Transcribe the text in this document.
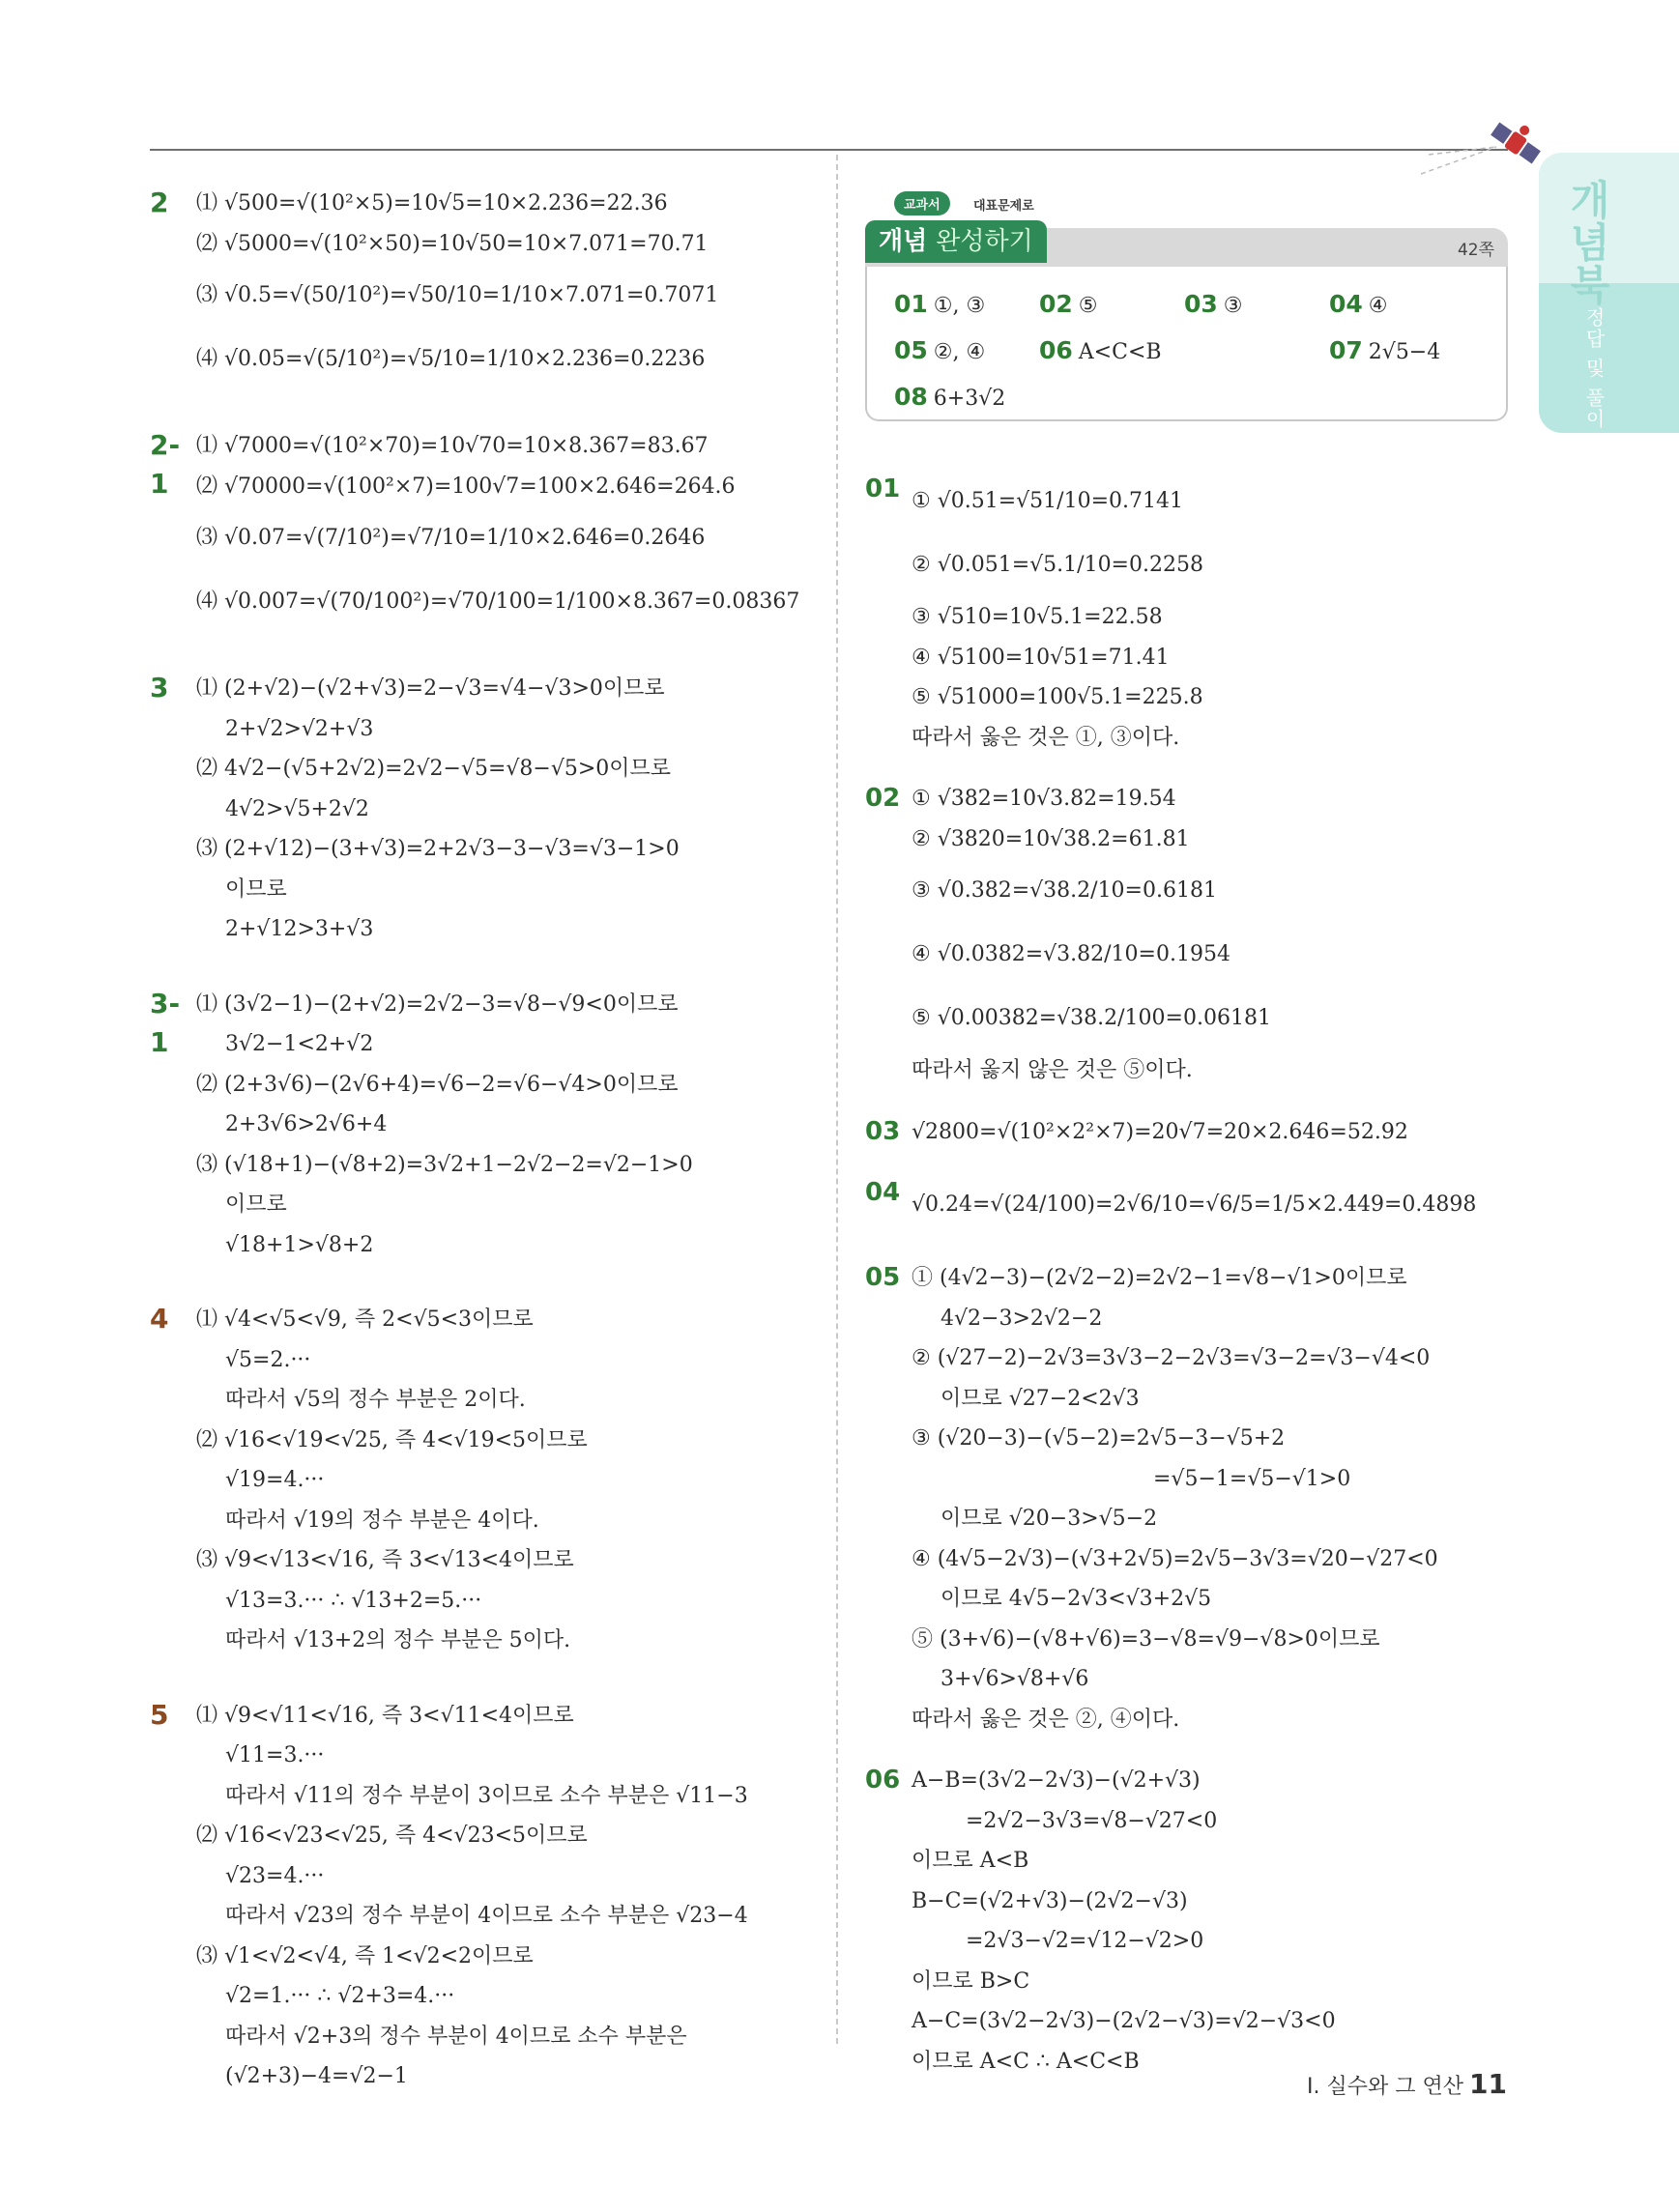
개념북
정답 및 풀이
2	⑴ √500=√(10²×5)=10√5=10×2.236=22.36
⑵ √5000=√(10²×50)=10√50=10×7.071=70.71
⑶ √0.5=√(50/10²)=√50/10=1/10×7.071=0.7071
⑷ √0.05=√(5/10²)=√5/10=1/10×2.236=0.2236
2-1
⑴ √7000=√(10²×70)=10√70=10×8.367=83.67
⑵ √70000=√(100²×7)=100√7=100×2.646=264.6
⑶ √0.07=√(7/10²)=√7/10=1/10×2.646=0.2646
⑷ √0.007=√(70/100²)=√70/100=1/100×8.367=0.08367
3	⑴ (2+√2)−(√2+√3)=2−√3=√4−√3>0이므로
2+√2>√2+√3
⑵ 4√2−(√5+2√2)=2√2−√5=√8−√5>0이므로
4√2>√5+2√2
⑶ (2+√12)−(3+√3)=2+2√3−3−√3=√3−1>0
이므로
2+√12>3+√3
3-1
⑴ (3√2−1)−(2+√2)=2√2−3=√8−√9<0이므로
3√2−1<2+√2
⑵ (2+3√6)−(2√6+4)=√6−2=√6−√4>0이므로
2+3√6>2√6+4
⑶ (√18+1)−(√8+2)=3√2+1−2√2−2=√2−1>0
이므로
√18+1>√8+2
4	⑴ √4<√5<√9, 즉 2<√5<3이므로
√5=2.···
따라서 √5의 정수 부분은 2이다.
⑵ √16<√19<√25, 즉 4<√19<5이므로
√19=4.···
따라서 √19의 정수 부분은 4이다.
⑶ √9<√13<√16, 즉 3<√13<4이므로
√13=3.··· ∴ √13+2=5.···
따라서 √13+2의 정수 부분은 5이다.
5	⑴ √9<√11<√16, 즉 3<√11<4이므로
√11=3.···
따라서 √11의 정수 부분이 3이므로 소수 부분은 √11−3
⑵ √16<√23<√25, 즉 4<√23<5이므로
√23=4.···
따라서 √23의 정수 부분이 4이므로 소수 부분은 √23−4
⑶ √1<√2<√4, 즉 1<√2<2이므로
√2=1.··· ∴ √2+3=4.···
따라서 √2+3의 정수 부분이 4이므로 소수 부분은
(√2+3)−4=√2−1
교과서	대표문제로
개념 완성하기	42쪽
01 ①, ③	02 ⑤	03 ③	04 ④
05 ②, ④	06 A<C<B	07 2√5−4
08 6+3√2
01 ① √0.51=√51/10=0.7141
② √0.051=√5.1/10=0.2258
③ √510=10√5.1=22.58
④ √5100=10√51=71.41
⑤ √51000=100√5.1=225.8
따라서 옳은 것은 ①, ③이다.
02 ① √382=10√3.82=19.54
② √3820=10√38.2=61.81
③ √0.382=√38.2/10=0.6181
④ √0.0382=√3.82/10=0.1954
⑤ √0.00382=√38.2/100=0.06181
따라서 옳지 않은 것은 ⑤이다.
03 √2800=√(10²×2²×7)=20√7=20×2.646=52.92
04 √0.24=√(24/100)=2√6/10=√6/5=1/5×2.449=0.4898
05 ① (4√2−3)−(2√2−2)=2√2−1=√8−√1>0이므로
4√2−3>2√2−2
② (√27−2)−2√3=3√3−2−2√3=√3−2=√3−√4<0
이므로 √27−2<2√3
③ (√20−3)−(√5−2)=2√5−3−√5+2
=√5−1=√5−√1>0
이므로 √20−3>√5−2
④ (4√5−2√3)−(√3+2√5)=2√5−3√3=√20−√27<0
이므로 4√5−2√3<√3+2√5
⑤ (3+√6)−(√8+√6)=3−√8=√9−√8>0이므로
3+√6>√8+√6
따라서 옳은 것은 ②, ④이다.
06 A−B=(3√2−2√3)−(√2+√3)
=2√2−3√3=√8−√27<0
이므로 A<B
B−C=(√2+√3)−(2√2−√3)
=2√3−√2=√12−√2>0
이므로 B>C
A−C=(3√2−2√3)−(2√2−√3)=√2−√3<0
이므로 A<C ∴ A<C<B
Ⅰ. 실수와 그 연산 11
